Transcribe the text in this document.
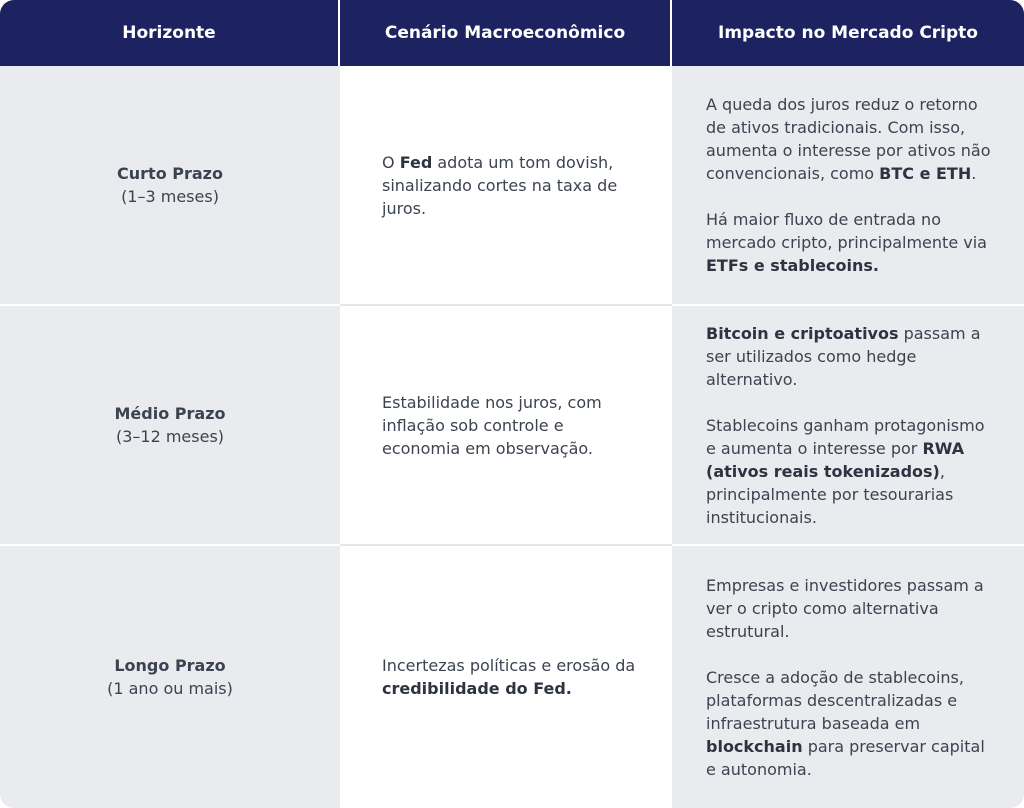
Horizonte	Cenário Macroeconômico	Impacto no Mercado Cripto
Curto Prazo
(1–3 meses)

O Fed adota um tom dovish, sinalizando cortes na taxa de juros.

A queda dos juros reduz o retorno de ativos tradicionais. Com isso, aumenta o interesse por ativos não convencionais, como BTC e ETH.

Há maior fluxo de entrada no mercado cripto, principalmente via ETFs e stablecoins.

Médio Prazo
(3–12 meses)

Estabilidade nos juros, com inflação sob controle e economia em observação.

Bitcoin e criptoativos passam a ser utilizados como hedge alternativo.

Stablecoins ganham protagonismo e aumenta o interesse por RWA (ativos reais tokenizados), principalmente por tesourarias institucionais.

Longo Prazo
(1 ano ou mais)

Incertezas políticas e erosão da credibilidade do Fed.

Empresas e investidores passam a ver o cripto como alternativa estrutural.

Cresce a adoção de stablecoins, plataformas descentralizadas e infraestrutura baseada em blockchain para preservar capital e autonomia.
